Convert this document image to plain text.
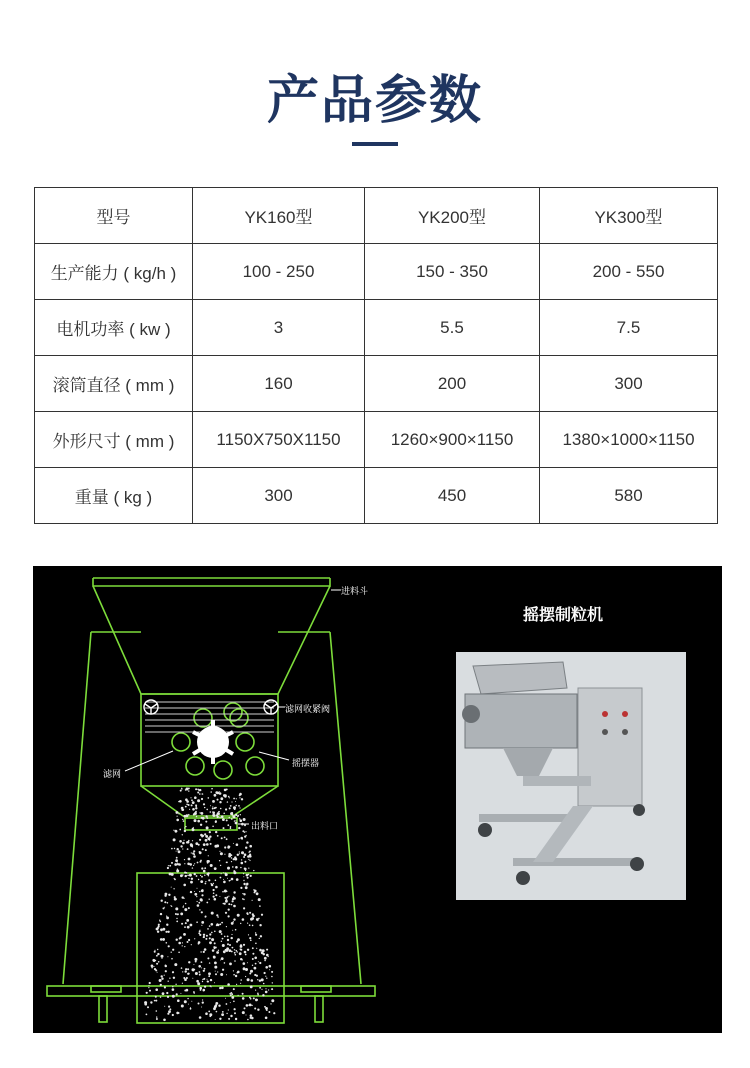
产品参数
型号	YK160型	YK200型	YK300型
生产能力 ( kg/h )	100 - 250	150 - 350	200 - 550
电机功率 ( kw )	3	5.5	7.5
滚筒直径 ( mm )	160	200	300
外形尺寸 ( mm )	1150X750X1150	1260×900×1150	1380×1000×1150
重量 ( kg )	300	450	580
进料斗
滤网收紧阀
摇摆器
滤网
出料口
摇摆制粒机
